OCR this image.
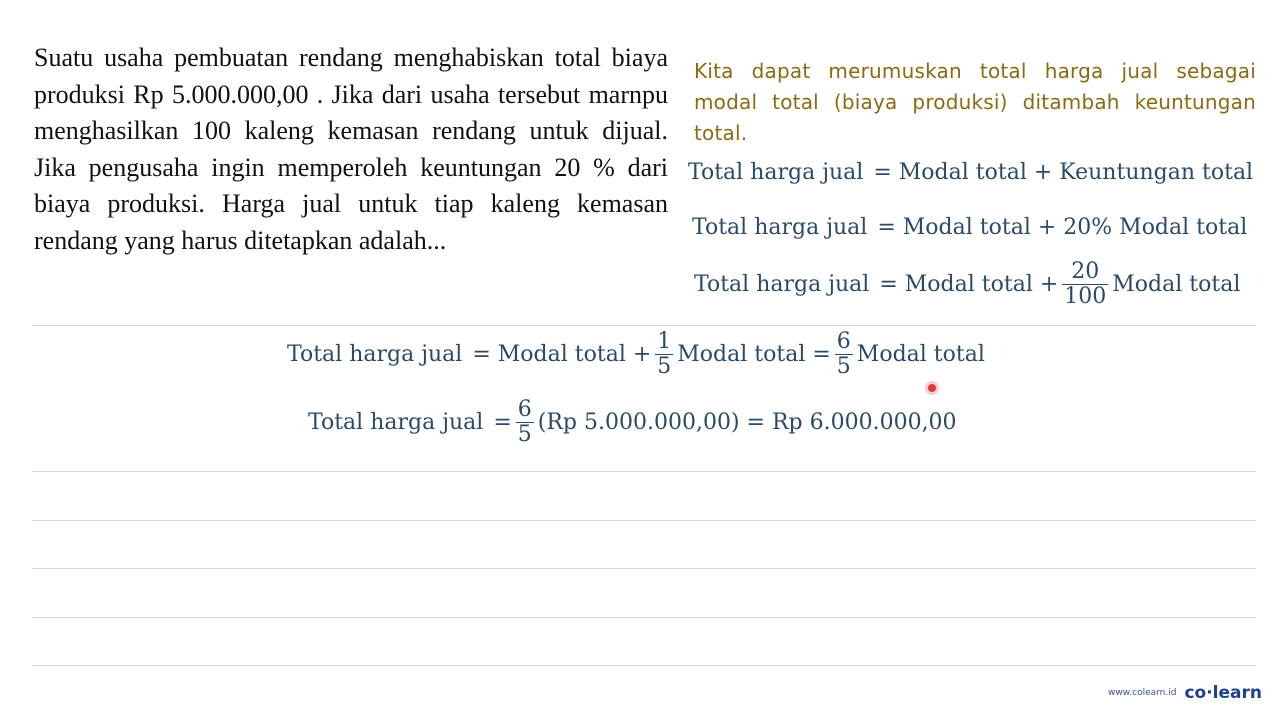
Suatu usaha pembuatan rendang menghabiskan total biaya produksi Rp 5.000.000,00 . Jika dari usaha tersebut marnpu menghasilkan 100 kaleng kemasan rendang untuk dijual. Jika pengusaha ingin memperoleh keuntungan 20 % dari biaya produksi. Harga jual untuk tiap kaleng kemasan rendang yang harus ditetapkan adalah...

Kita dapat merumuskan total harga jual sebagai modal total (biaya produksi) ditambah keuntungan total.

Total harga jual = Modal total + Keuntungan total
Total harga jual = Modal total + 20% Modal total
Total harga jual = Modal total + $\frac{20}{100}$ Modal total
Total harga jual = Modal total + $\frac{1}{5}$ Modal total = $\frac{6}{5}$ Modal total
Total harga jual = $\frac{6}{5} (Rp$ 5.000.000,00) = Rp 6.000.000,00
www.colearn.id co·learn
